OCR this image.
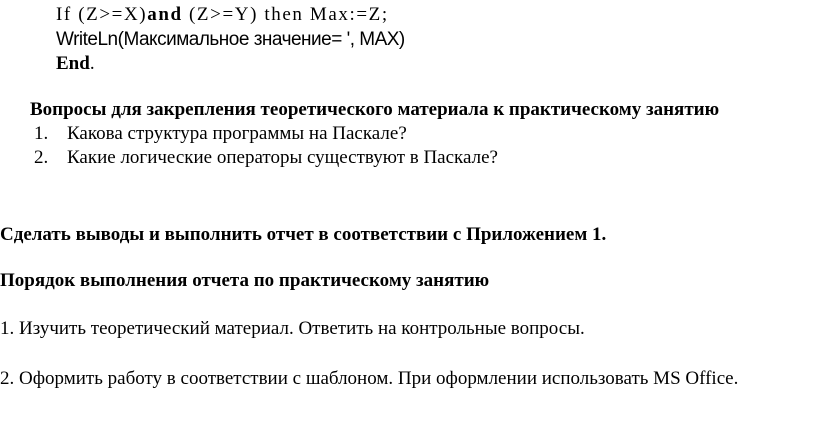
If (Z>=X)and (Z>=Y) then Max:=Z;
WriteLn(Максимальное значение= ', MAX)
End.
Вопросы для закрепления теоретического материала к практическому занятию
1. Какова структура программы на Паскале?
2. Какие логические операторы существуют в Паскале?
Сделать выводы и выполнить отчет в соответствии с Приложением 1.
Порядок выполнения отчета по практическому занятию
1. Изучить теоретический материал. Ответить на контрольные вопросы.
2. Оформить работу в соответствии с шаблоном. При оформлении использовать MS Office.
